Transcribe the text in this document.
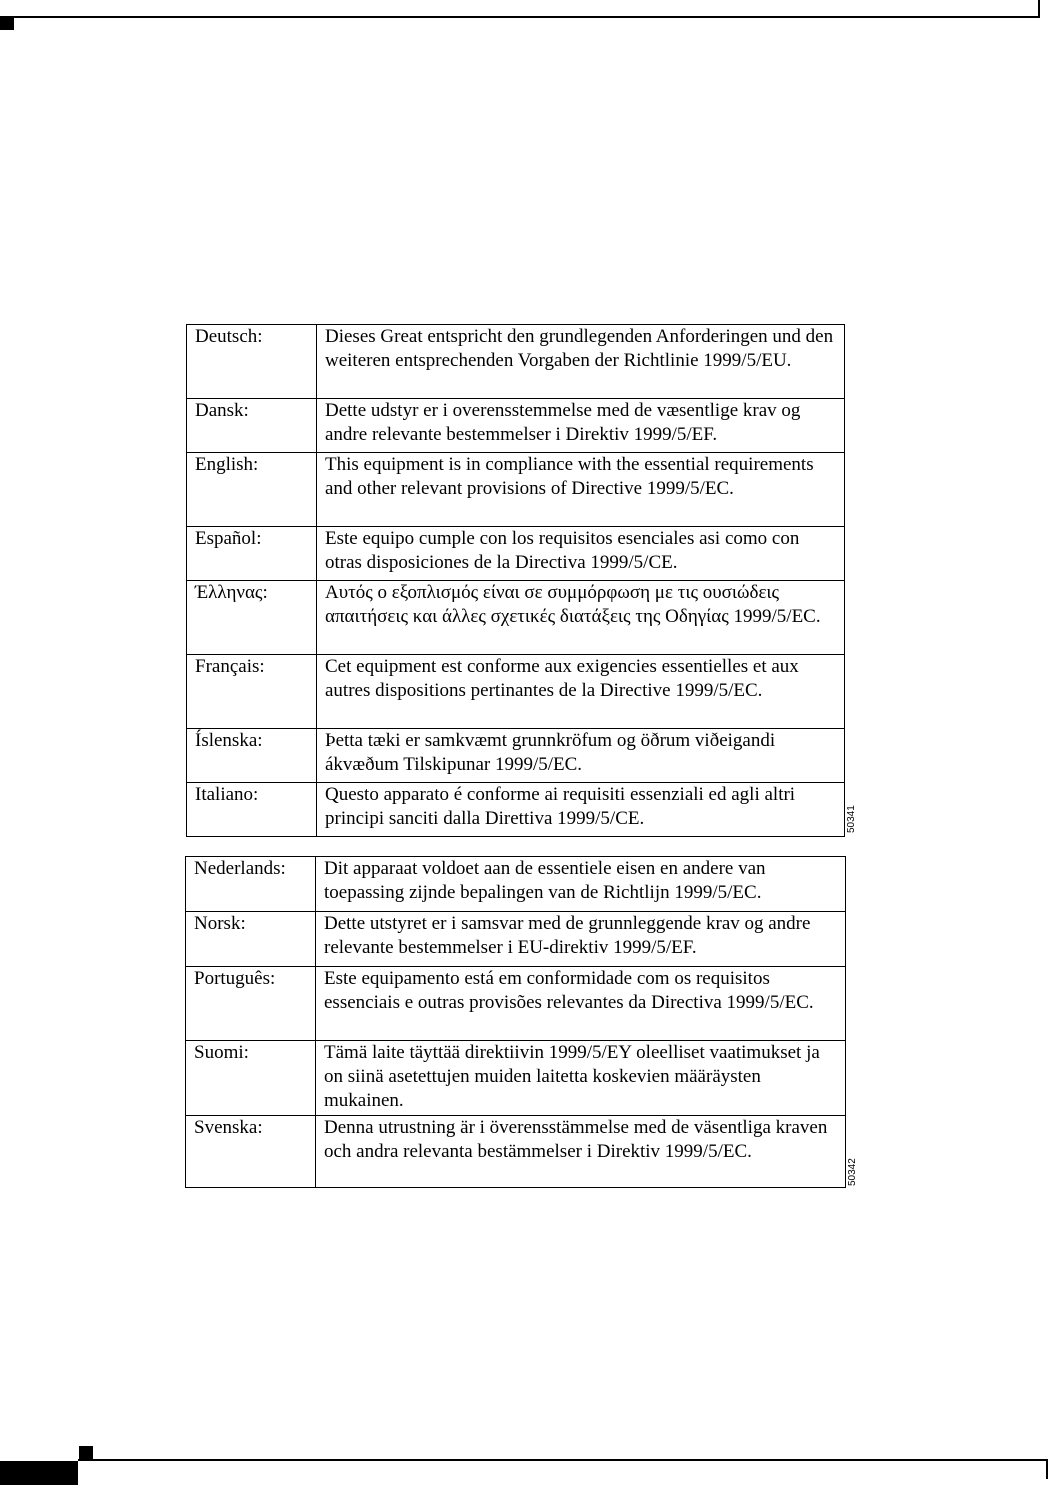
Deutsch:	Dieses Great entspricht den grundlegenden Anforderingen und den weiteren entsprechenden Vorgaben der Richtlinie 1999/5/EU.
Dansk:	Dette udstyr er i overensstemmelse med de væsentlige krav og andre relevante bestemmelser i Direktiv 1999/5/EF.
English:	This equipment is in compliance with the essential requirements and other relevant provisions of Directive 1999/5/EC.
Español:	Este equipo cumple con los requisitos esenciales asi como con otras disposiciones de la Directiva 1999/5/CE.
Έλληνας:	Αυτός ο εξοπλισμός είναι σε συμμόρφωση με τις ουσιώδεις απαιτήσεις και άλλες σχετικές διατάξεις της Οδηγίας 1999/5/EC.
Français:	Cet equipment est conforme aux exigencies essentielles et aux autres dispositions pertinantes de la Directive 1999/5/EC.
Íslenska:	Þetta tæki er samkvæmt grunnkröfum og öðrum viðeigandi ákvæðum Tilskipunar 1999/5/EC.
Italiano:	Questo apparato é conforme ai requisiti essenziali ed agli altri principi sanciti dalla Direttiva 1999/5/CE.	50341
Nederlands:	Dit apparaat voldoet aan de essentiele eisen en andere van toepassing zijnde bepalingen van de Richtlijn 1999/5/EC.
Norsk:	Dette utstyret er i samsvar med de grunnleggende krav og andre relevante bestemmelser i EU-direktiv 1999/5/EF.
Português:	Este equipamento está em conformidade com os requisitos essenciais e outras provisões relevantes da Directiva 1999/5/EC.
Suomi:	Tämä laite täyttää direktiivin 1999/5/EY oleelliset vaatimukset ja on siinä asetettujen muiden laitetta koskevien määräysten mukainen.
Svenska:	Denna utrustning är i överensstämmelse med de väsentliga kraven och andra relevanta bestämmelser i Direktiv 1999/5/EC.
50342
